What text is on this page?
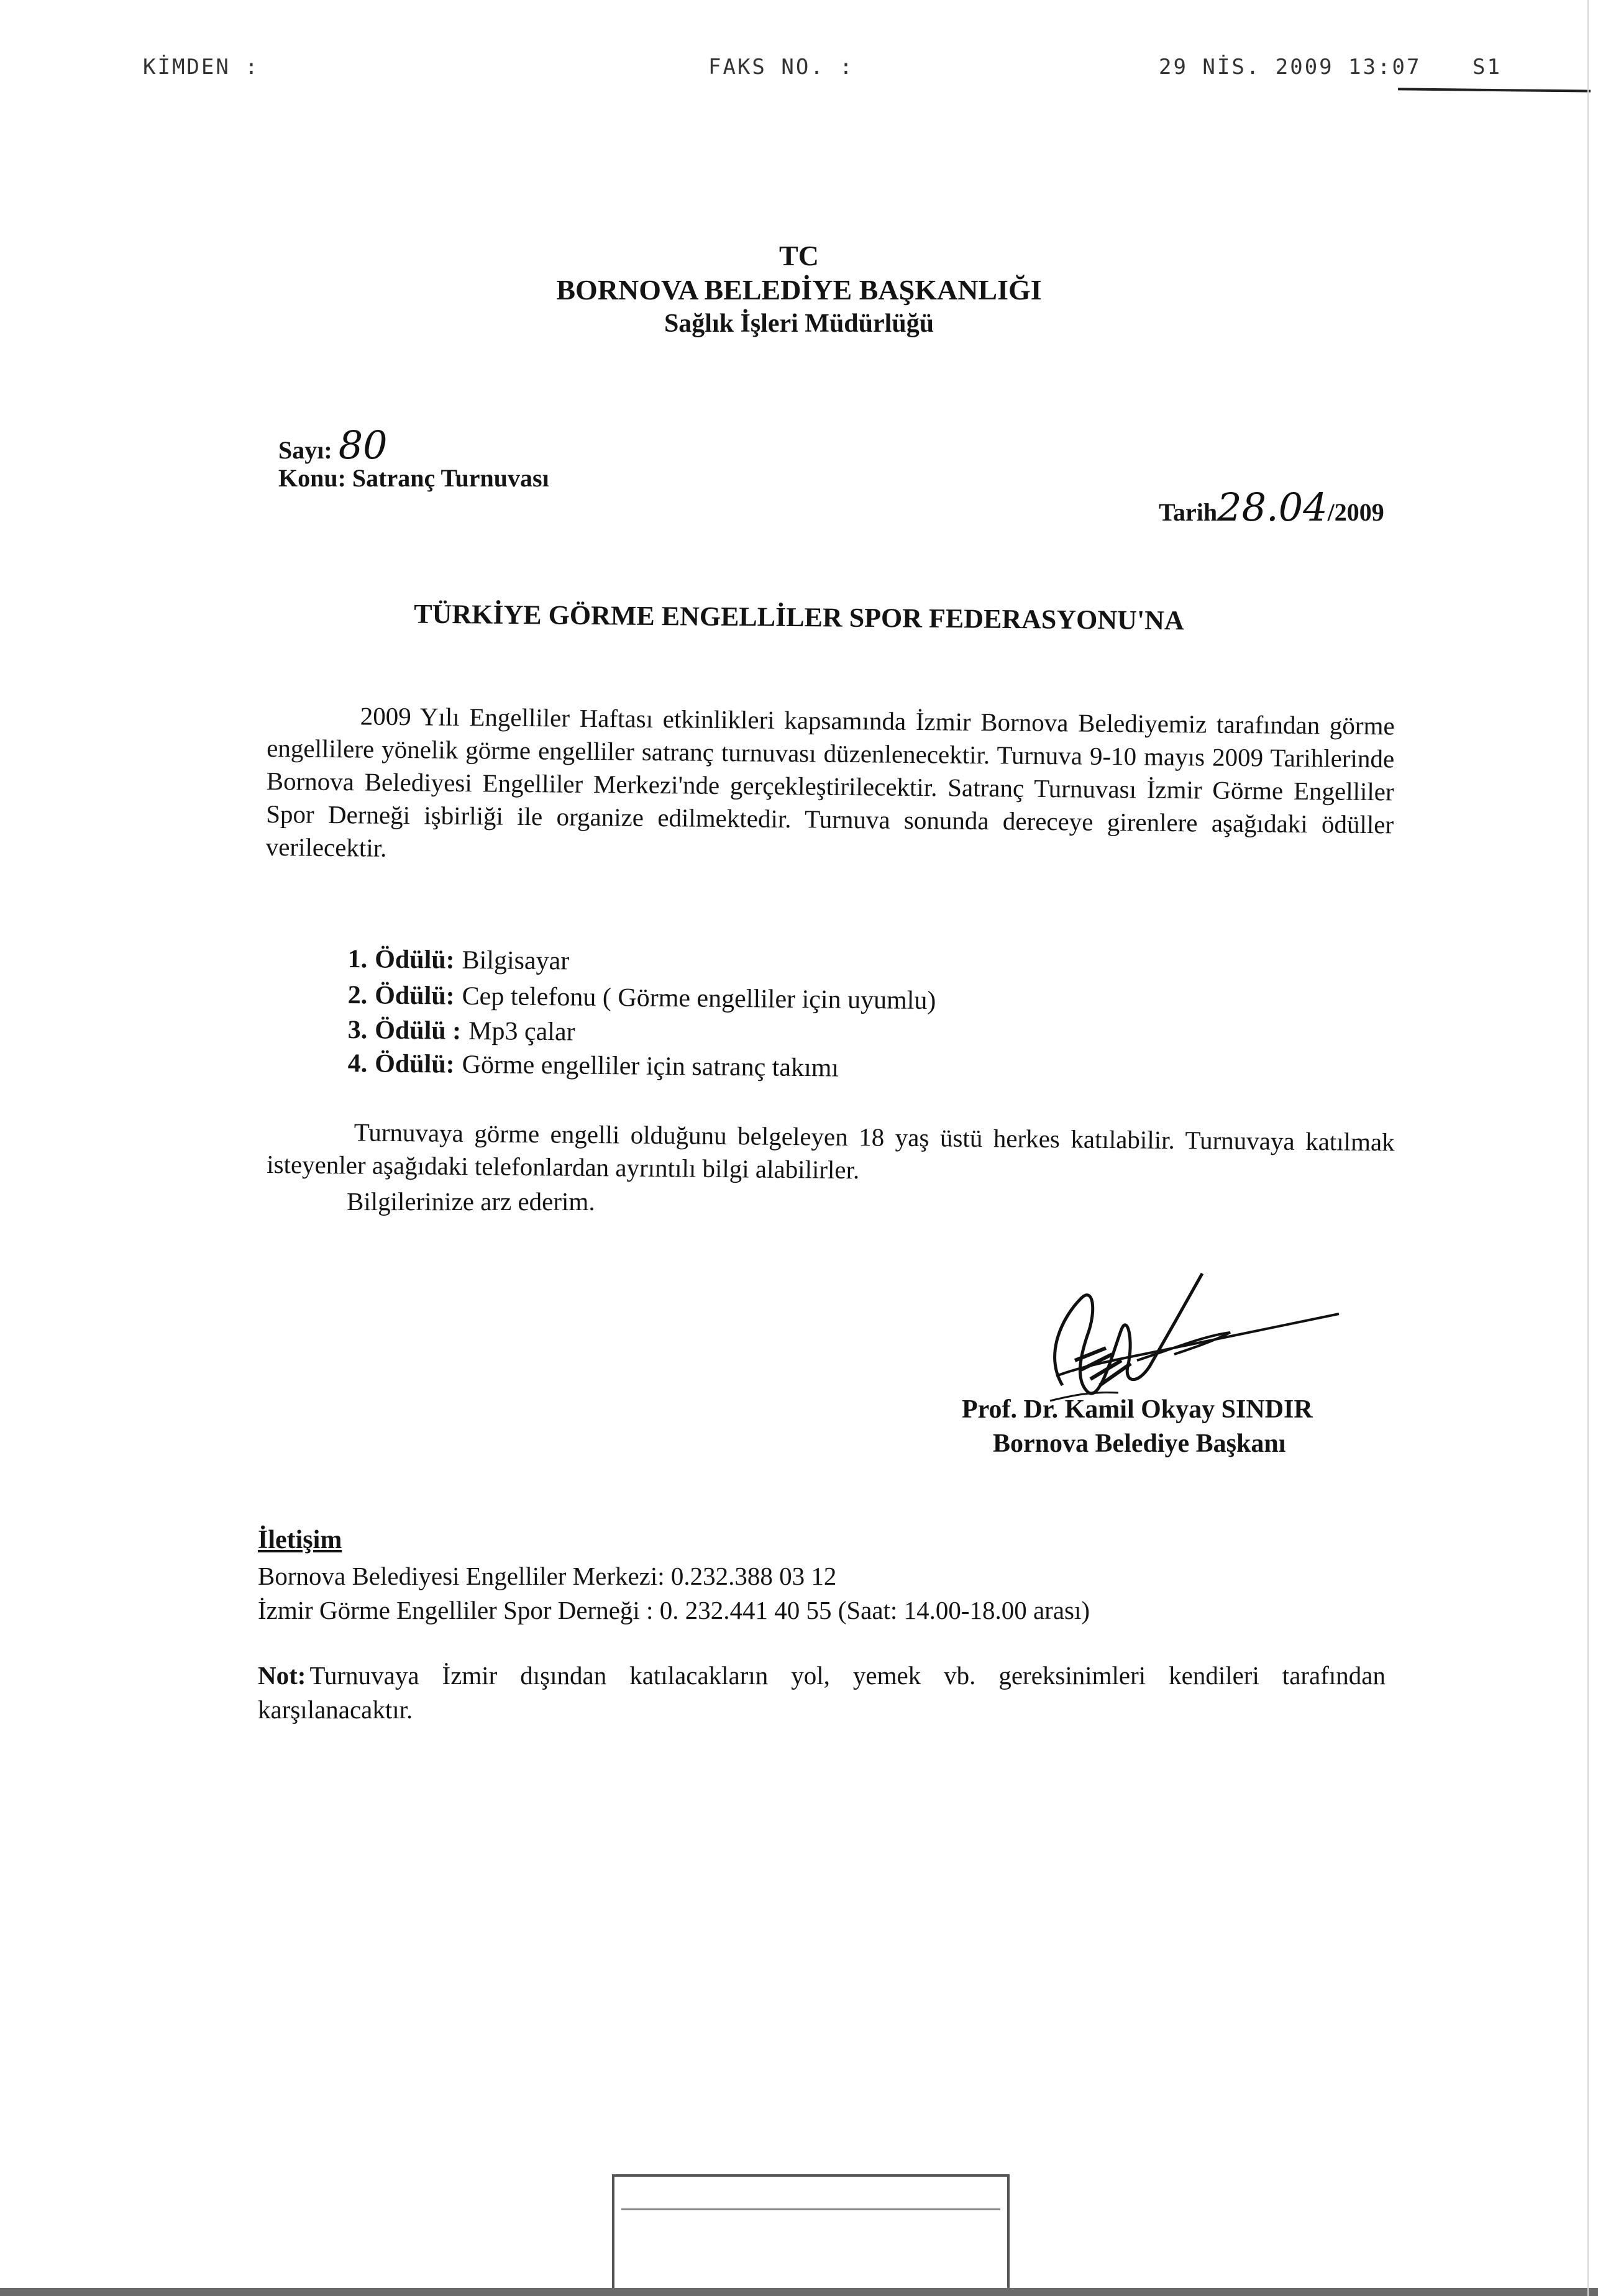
KİMDEN :	FAKS NO. :	29 NİS. 2009 13:07 S1
TC
BORNOVA BELEDİYE BAŞKANLIĞI
Sağlık İşleri Müdürlüğü
Sayı: 80
Konu: Satranç Turnuvası
Tarih28.04/2009
TÜRKİYE GÖRME ENGELLİLER SPOR FEDERASYONU'NA
2009 Yılı Engelliler Haftası etkinlikleri kapsamında İzmir Bornova Belediyemiz tarafından görme engellilere yönelik görme engelliler satranç turnuvası düzenlenecektir. Turnuva 9-10 mayıs 2009 Tarihlerinde Bornova Belediyesi Engelliler Merkezi'nde gerçekleştirilecektir. Satranç Turnuvası İzmir Görme Engelliler Spor Derneği işbirliği ile organize edilmektedir. Turnuva sonunda dereceye girenlere aşağıdaki ödüller verilecektir.
1. Ödülü: Bilgisayar
2. Ödülü: Cep telefonu ( Görme engelliler için uyumlu)
3. Ödülü : Mp3 çalar
4. Ödülü: Görme engelliler için satranç takımı
Turnuvaya görme engelli olduğunu belgeleyen 18 yaş üstü herkes katılabilir. Turnuvaya katılmak isteyenler aşağıdaki telefonlardan ayrıntılı bilgi alabilirler.
Bilgilerinize arz ederim.
Prof. Dr. Kamil Okyay SINDIR
Bornova Belediye Başkanı
İletişim
Bornova Belediyesi Engelliler Merkezi: 0.232.388 03 12
İzmir Görme Engelliler Spor Derneği : 0. 232.441 40 55 (Saat: 14.00-18.00 arası)
Not: Turnuvaya İzmir dışından katılacakların yol, yemek vb. gereksinimleri kendileri tarafından karşılanacaktır.
